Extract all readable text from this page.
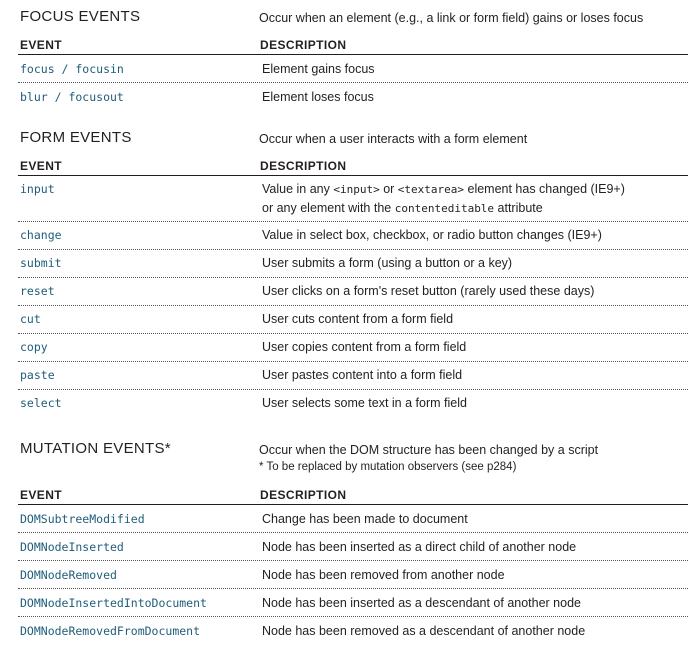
FOCUS EVENTS	Occur when an element (e.g., a link or form field) gains or loses focus
EVENT	DESCRIPTION
focus / focusin	Element gains focus
blur / focusout	Element loses focus
FORM EVENTS	Occur when a user interacts with a form element
EVENT	DESCRIPTION
input	Value in any <input> or <textarea> element has changed (IE9+)
or any element with the contenteditable attribute
change	Value in select box, checkbox, or radio button changes (IE9+)
submit	User submits a form (using a button or a key)
reset	User clicks on a form's reset button (rarely used these days)
cut	User cuts content from a form field
copy	User copies content from a form field
paste	User pastes content into a form field
select	User selects some text in a form field
MUTATION EVENTS*	Occur when the DOM structure has been changed by a script
* To be replaced by mutation observers (see p284)
EVENT	DESCRIPTION
DOMSubtreeModified	Change has been made to document
DOMNodeInserted	Node has been inserted as a direct child of another node
DOMNodeRemoved	Node has been removed from another node
DOMNodeInsertedIntoDocument	Node has been inserted as a descendant of another node
DOMNodeRemovedFromDocument	Node has been removed as a descendant of another node
